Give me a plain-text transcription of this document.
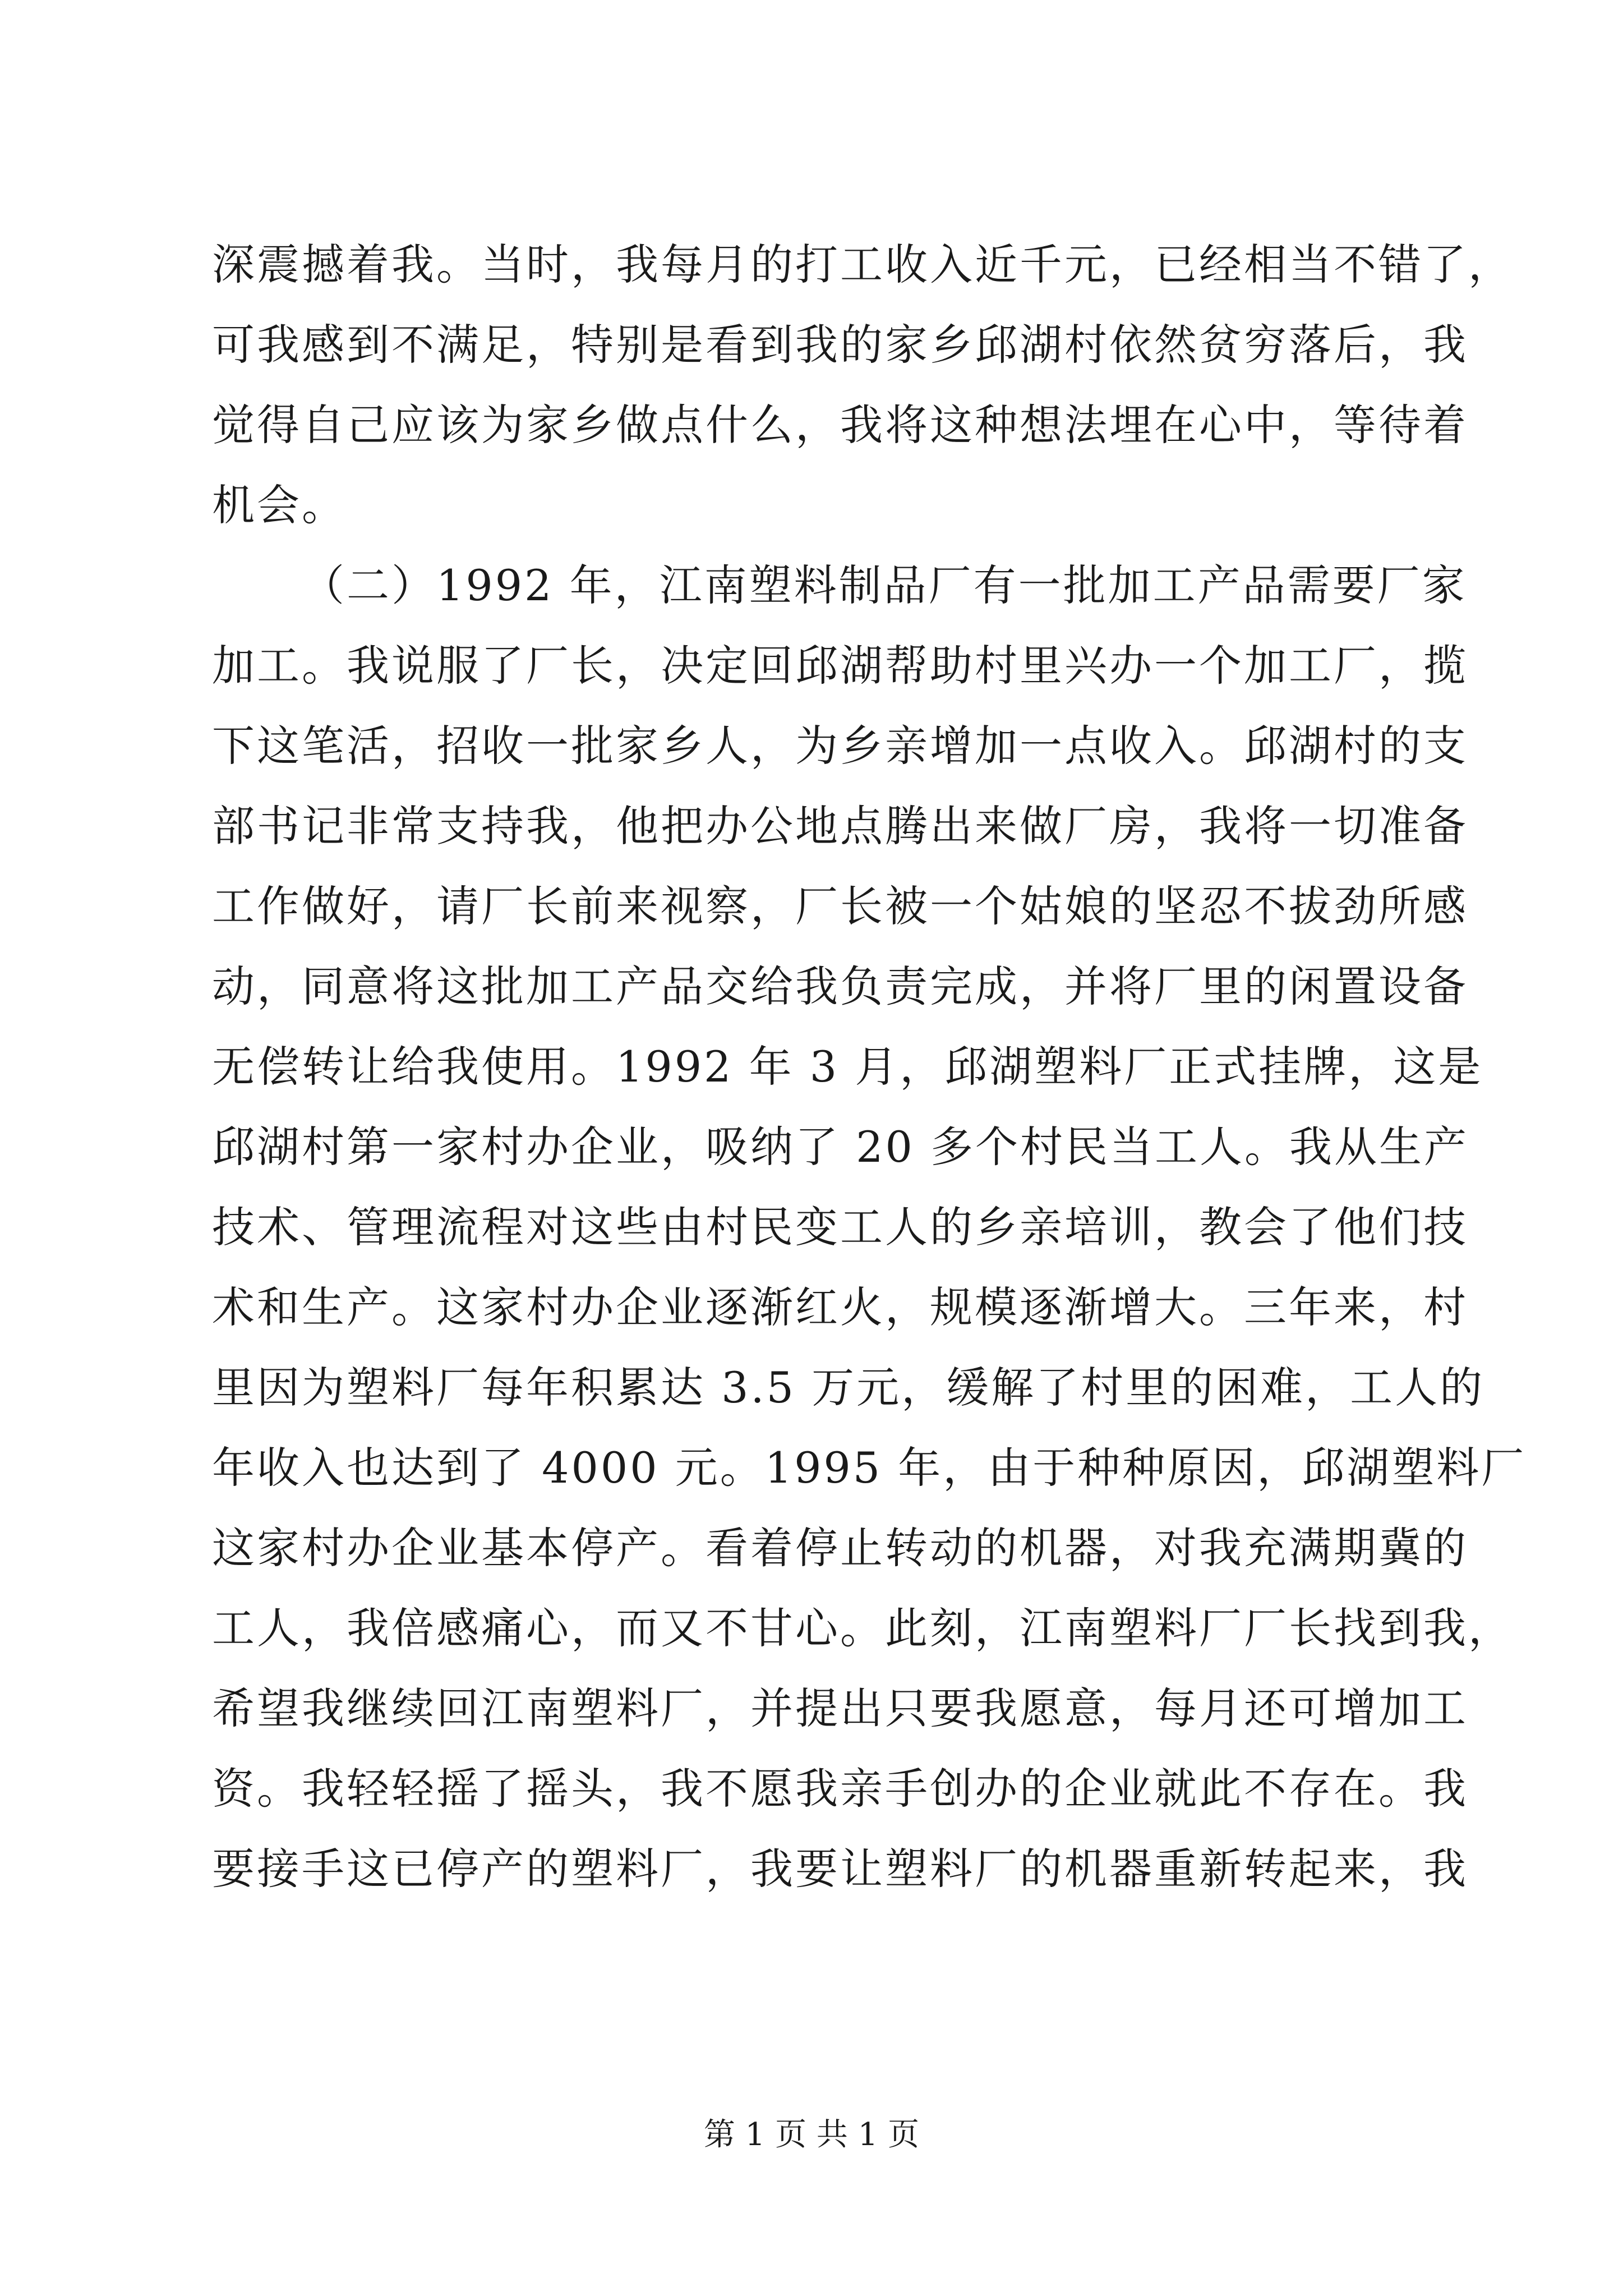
深震撼着我。当时，我每月的打工收入近千元，已经相当不错了，
可我感到不满足，特别是看到我的家乡邱湖村依然贫穷落后，我
觉得自己应该为家乡做点什么，我将这种想法埋在心中，等待着
机会。
（二）1992 年，江南塑料制品厂有一批加工产品需要厂家
加工。我说服了厂长，决定回邱湖帮助村里兴办一个加工厂，揽
下这笔活，招收一批家乡人，为乡亲增加一点收入。邱湖村的支
部书记非常支持我，他把办公地点腾出来做厂房，我将一切准备
工作做好，请厂长前来视察，厂长被一个姑娘的坚忍不拔劲所感
动，同意将这批加工产品交给我负责完成，并将厂里的闲置设备
无偿转让给我使用。1992 年 3 月，邱湖塑料厂正式挂牌，这是
邱湖村第一家村办企业，吸纳了 20 多个村民当工人。我从生产
技术、管理流程对这些由村民变工人的乡亲培训，教会了他们技
术和生产。这家村办企业逐渐红火，规模逐渐增大。三年来，村
里因为塑料厂每年积累达 3.5 万元，缓解了村里的困难，工人的
年收入也达到了 4000 元。1995 年，由于种种原因，邱湖塑料厂
这家村办企业基本停产。看着停止转动的机器，对我充满期冀的
工人，我倍感痛心，而又不甘心。此刻，江南塑料厂厂长找到我，
希望我继续回江南塑料厂，并提出只要我愿意，每月还可增加工
资。我轻轻摇了摇头，我不愿我亲手创办的企业就此不存在。我
要接手这已停产的塑料厂，我要让塑料厂的机器重新转起来，我
第 1 页 共 1 页
